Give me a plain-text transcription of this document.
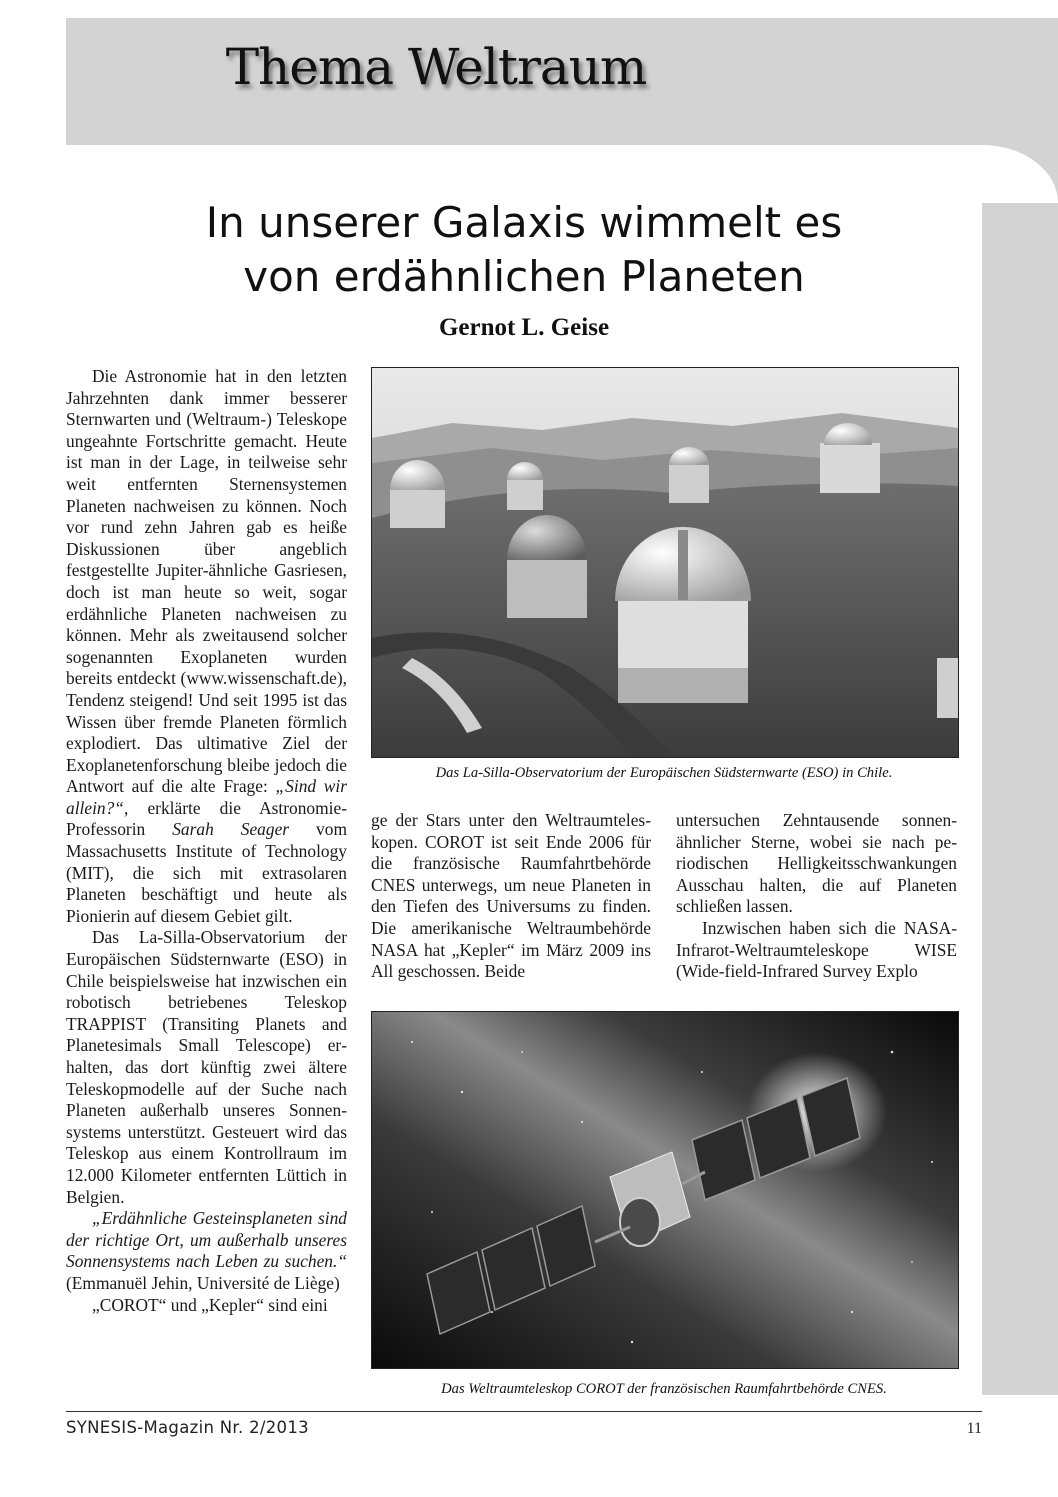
Thema Weltraum
In unserer Galaxis wimmelt es
von erdähnlichen Planeten
Gernot L. Geise

Die Astronomie hat in den letzten Jahrzehnten dank immer besserer Sternwarten und (Weltraum-) Teleskope ungeahnte Fortschritte gemacht. Heute ist man in der Lage, in teilweise sehr weit entfernten Sternensystemen Planeten nachweisen zu können. Noch vor rund zehn Jahren gab es heiße Diskussionen über angeblich festgestellte Jupiter-ähnliche Gasriesen, doch ist man heute so weit, sogar erdähnliche Planeten nachweisen zu können. Mehr als zweitausend solcher sogenannten Exoplaneten wurden bereits entdeckt (www.wissenschaft.de), Tendenz steigend! Und seit 1995 ist das Wissen über fremde Planeten förmlich explodiert. Das ultimative Ziel der Exoplanetenforschung bleibe jedoch die Antwort auf die alte Frage: „Sind wir allein?“, erklärte die Astronomie-Professorin Sarah Seager vom Massachusetts Institute of Technology (MIT), die sich mit extrasolaren Planeten beschäftigt und heute als Pionierin auf diesem Gebiet gilt.

Das La-Silla-Observatorium der Europäischen Südsternwarte (ESO) in Chile beispielsweise hat inzwischen ein robotisch betriebenes Teleskop TRAPPIST (Transiting Planets and Planetesimals Small Telescope) erhalten, das dort künftig zwei ältere Teleskopmodelle auf der Suche nach Planeten außerhalb unseres Sonnensystems unterstützt. Gesteuert wird das Teleskop aus einem Kontrollraum im 12.000 Kilometer entfernten Lüttich in Belgien.

„Erdähnliche Gesteinsplaneten sind der richtige Ort, um außerhalb unseres Sonnensystems nach Leben zu suchen.“ (Emmanuël Jehin, Université de Liège)

„COROT“ und „Kepler“ sind eini

Das La-Silla-Observatorium der Europäischen Südsternwarte (ESO) in Chile.

ge der Stars unter den Weltraumteleskopen. COROT ist seit Ende 2006 für die französische Raumfahrtbehörde CNES unterwegs, um neue Planeten in den Tiefen des Universums zu finden. Die amerikanische Weltraumbehörde NASA hat „Kepler“ im März 2009 ins All geschossen. Beide

untersuchen Zehntausende sonnenähnlicher Sterne, wobei sie nach periodischen Helligkeitsschwankungen Ausschau halten, die auf Planeten schließen lassen.

Inzwischen haben sich die NASA-Infrarot-Weltraumteleskope WISE (Wide-field-Infrared Survey Explo

Das Weltraumteleskop COROT der französischen Raumfahrtbehörde CNES.
SYNESIS-Magazin Nr. 2/2013	11
